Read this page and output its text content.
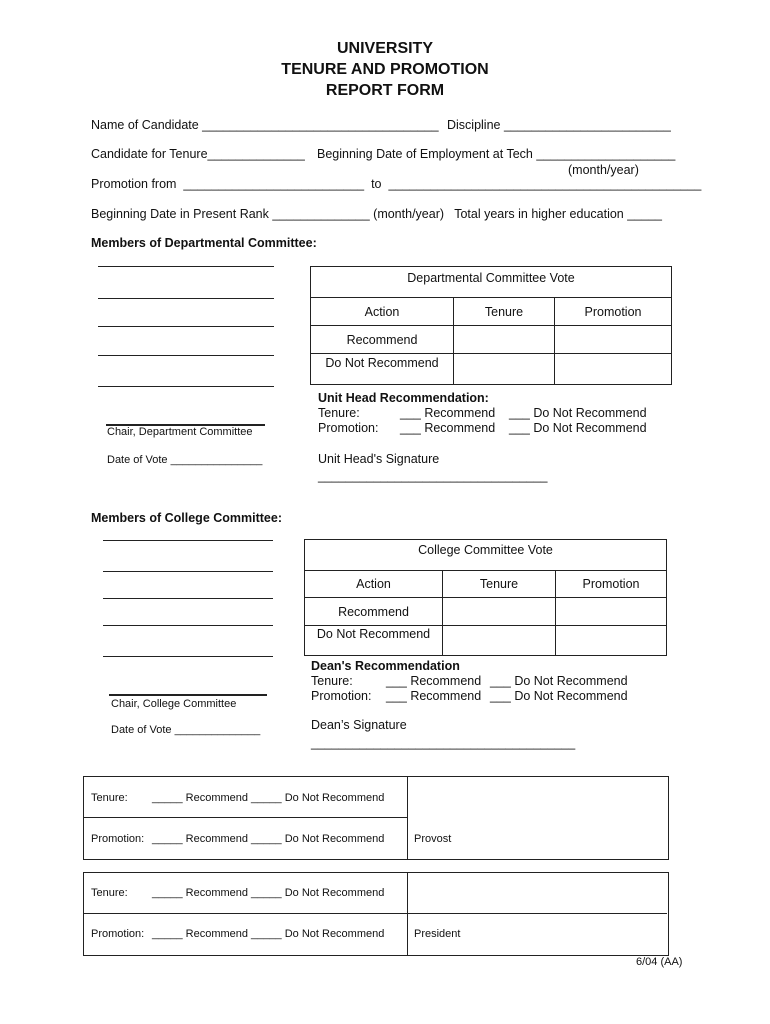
UNIVERSITY
TENURE AND PROMOTION
REPORT FORM
Name of Candidate __________________________________ Discipline ________________________
Candidate for Tenure______________ Beginning Date of Employment at Tech ____________________
(month/year)
Promotion from  __________________________  to  _____________________________________________
Beginning Date in Present Rank ______________ (month/year)   Total years in higher education _____
Members of Departmental Committee:
Chair, Department Committee
Date of Vote _______________
Departmental Committee Vote		
Action	Tenure	Promotion
Recommend		
Do Not Recommend		
Unit Head Recommendation:
Tenure:	___ Recommend ___ Do Not Recommend
Promotion: ___ Recommend ___ Do Not Recommend
Unit Head's Signature
_________________________________
Members of College Committee:
Chair, College Committee
Date of Vote ______________
College Committee Vote		
Action	Tenure	Promotion
Recommend		
Do Not Recommend		
Dean's Recommendation
Tenure:	___ Recommend ___ Do Not Recommend
Promotion: ___ Recommend ___ Do Not Recommend
Dean’s Signature
______________________________________
Tenure: _____ Recommend _____ Do Not Recommend
Promotion: _____ Recommend _____ Do Not Recommend	Provost
Tenure: _____ Recommend _____ Do Not Recommend
Promotion: _____ Recommend _____ Do Not Recommend	President
6/04 (AA)
